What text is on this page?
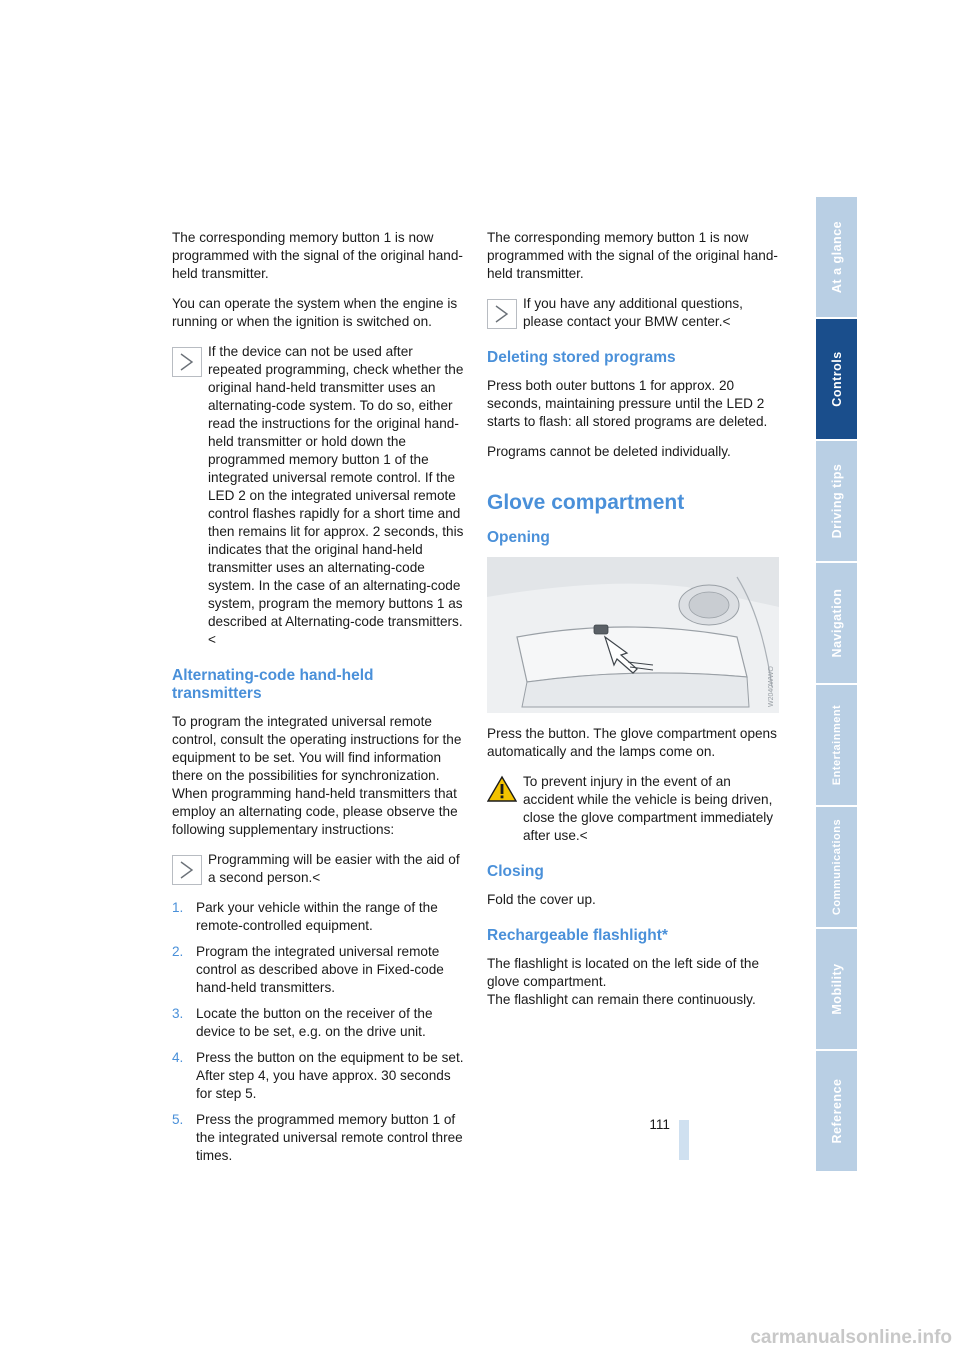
The corresponding memory button 1 is now programmed with the signal of the original hand-held transmitter.

You can operate the system when the engine is running or when the ignition is switched on.

If the device can not be used after repeated programming, check whether the original hand-held transmitter uses an alternating-code system. To do so, either read the instructions for the original hand-held transmitter or hold down the programmed memory button 1 of the integrated universal remote control. If the LED 2 on the integrated universal remote control flashes rapidly for a short time and then remains lit for approx. 2 seconds, this indicates that the original hand-held transmitter uses an alternating-code system. In the case of an alternating-code system, program the memory buttons 1 as described at Alternating-code transmitters.<
Alternating-code hand-held transmitters

To program the integrated universal remote control, consult the operating instructions for the equipment to be set. You will find information there on the possibilities for synchronization.

When programming hand-held transmitters that employ an alternating code, please observe the following supplementary instructions:

Programming will be easier with the aid of a second person.<
1. Park your vehicle within the range of the remote-controlled equipment.
2. Program the integrated universal remote control as described above in Fixed-code hand-held transmitters.
3. Locate the button on the receiver of the device to be set, e.g. on the drive unit.
4. Press the button on the equipment to be set. After step 4, you have approx. 30 seconds for step 5.
5. Press the programmed memory button 1 of the integrated universal remote control three times.

The corresponding memory button 1 is now programmed with the signal of the original hand-held transmitter.

If you have any additional questions, please contact your BMW center.<
Deleting stored programs

Press both outer buttons 1 for approx. 20 seconds, maintaining pressure until the LED 2 starts to flash: all stored programs are deleted.

Programs cannot be deleted individually.

Glove compartment
Opening
W2040WWO

Press the button. The glove compartment opens automatically and the lamps come on.

To prevent injury in the event of an accident while the vehicle is being driven, close the glove compartment immediately after use.<
Closing

Fold the cover up.

Rechargeable flashlight*

The flashlight is located on the left side of the glove compartment.

The flashlight can remain there continuously.

111
At a glance
Controls
Driving tips
Navigation
Entertainment
Communications
Mobility
Reference
carmanualsonline.info
